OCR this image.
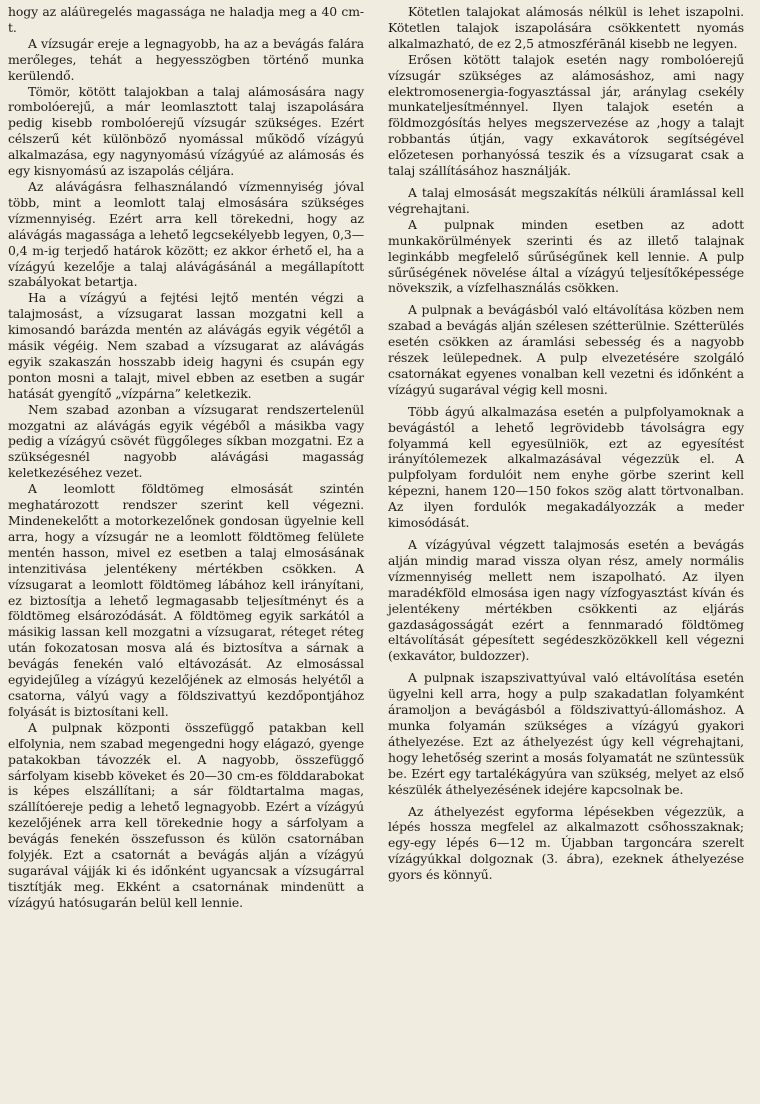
hogy az aláüregelés magassága ne haladja meg a 40 cm-t.

A vízsugár ereje a legnagyobb, ha az a bevágás falára merőleges, tehát a hegyesszögben történő munka kerülendő.

Tömör, kötött talajokban a talaj alámosására nagy rombolóerejű, a már leomlasztott talaj iszapolására pedig kisebb rombolóerejű vízsugár szükséges. Ezért célszerű két különböző nyomással működő vízágyú alkalmazása, egy nagynyomású vízágyúé az alámosás és egy kisnyomású az iszapolás céljára.

Az alávágásra felhasználandó vízmennyiség jóval több, mint a leomlott talaj elmosására szükséges vízmennyiség. Ezért arra kell törekedni, hogy az alávágás magassága a lehető legcsekélyebb legyen, 0,3—0,4 m-ig terjedő határok között; ez akkor érhető el, ha a vízágyú kezelője a talaj alávágásánál a megállapított szabályokat betartja.

Ha a vízágyú a fejtési lejtő mentén végzi a talajmosást, a vízsugarat lassan mozgatni kell a kimosandó barázda mentén az alávágás egyik végétől a másik végéig. Nem szabad a vízsugarat az alávágás egyik szakaszán hosszabb ideig hagyni és csupán egy ponton mosni a talajt, mivel ebben az esetben a sugár hatását gyengítő „vízpárna” keletkezik.

Nem szabad azonban a vízsugarat rendszertelenül mozgatni az alávágás egyik végéből a másikba vagy pedig a vízágyú csövét függőleges síkban mozgatni. Ez a szükségesnél nagyobb alávágási magasság keletkezéséhez vezet.

A leomlott földtömeg elmosását szintén meghatározott rendszer szerint kell végezni. Mindenekelőtt a motorkezelőnek gondosan ügyelnie kell arra, hogy a vízsugár ne a leomlott földtömeg felülete mentén hasson, mivel ez esetben a talaj elmosásának intenzitivása jelentékeny mértékben csökken. A vízsugarat a leomlott földtömeg lábához kell irányítani, ez biztosítja a lehető legmagasabb teljesítményt és a földtömeg elsározódását. A földtömeg egyik sarkától a másikig lassan kell mozgatni a vízsugarat, réteget réteg után fokozatosan mosva alá és biztosítva a sárnak a bevágás fenekén való eltávozását. Az elmosással egyidejűleg a vízágyú kezelőjének az elmosás helyétől a csatorna, vályú vagy a földszivattyú kezdőpontjához folyását is biztosítani kell.

A pulpnak központi összefüggő patakban kell elfolynia, nem szabad megengedni hogy elágazó, gyenge patakokban távozzék el. A nagyobb, összefüggő sárfolyam kisebb köveket és 20—30 cm-es földdarabokat is képes elszállítani; a sár földtartalma magas, szállítóereje pedig a lehető legnagyobb. Ezért a vízágyú kezelőjének arra kell törekednie hogy a sárfolyam a bevágás fenekén összefusson és külön csatornában folyjék. Ezt a csatornát a bevágás alján a vízágyú sugarával vájják ki és időnként ugyancsak a vízsugárral tisztítják meg. Ekként a csatornának mindenütt a vízágyú hatósugarán belül kell lennie.

Kötetlen talajokat alámosás nélkül is lehet iszapolni. Kötetlen talajok iszapolására csökkentett nyomás alkalmazható, de ez 2,5 atmoszférānál kisebb ne legyen.

Erősen kötött talajok esetén nagy rombolóerejű vízsugár szükséges az alámosáshoz, ami nagy elektromosenergia-fogyasztással jár, aránylag csekély munkateljesítménnyel. Ilyen talajok esetén a földmozgósítás helyes megszervezése az ‚hogy a talajt robbantás útján, vagy exkavátorok segítségével előzetesen porhanyóssá teszik és a vízsugarat csak a talaj szállításához használják.

A talaj elmosását megszakítás nélküli áramlással kell végrehajtani.

A pulpnak minden esetben az adott munkakörülmények szerinti és az illető talajnak leginkább megfelelő sűrűségűnek kell lennie. A pulp sűrűségének növelése által a vízágyú teljesítőképessége növekszik, a vízfelhasználás csökken.

A pulpnak a bevágásból való eltávolítása közben nem szabad a bevágás alján szélesen szétterülnie. Szétterülés esetén csökken az áramlási sebesség és a nagyobb részek leülepednek. A pulp elvezetésére szolgáló csatornákat egyenes vonalban kell vezetni és időnként a vízágyú sugarával végig kell mosni.

Több ágyú alkalmazása esetén a pulpfolyamoknak a bevágástól a lehető legrövidebb távolságra egy folyammá kell egyesülniök, ezt az egyesítést irányítólemezek alkalmazásával végezzük el. A pulpfolyam fordulóit nem enyhe görbe szerint kell képezni, hanem 120—150 fokos szög alatt törtvonalban. Az ilyen fordulók megakadályozzák a meder kimosódását.

A vízágyúval végzett talajmosás esetén a bevágás alján mindig marad vissza olyan rész, amely normális vízmennyiség mellett nem iszapolható. Az ilyen maradékföld elmosása igen nagy vízfogyasztást kíván és jelentékeny mértékben csökkenti az eljárás gazdaságosságát ezért a fennmaradó földtömeg eltávolítását gépesített segédeszközökkell kell végezni (exkavátor, buldozzer).

A pulpnak iszapszivattyúval való eltávolítása esetén ügyelni kell arra, hogy a pulp szakadatlan folyamként áramoljon a bevágásból a földszivattyú-állomáshoz. A munka folyamán szükséges a vízágyú gyakori áthelyezése. Ezt az áthelyezést úgy kell végrehajtani, hogy lehetőség szerint a mosás folyamatát ne szüntessük be. Ezért egy tartalékágyúra van szükség, melyet az első készülék áthelyezésének idejére kapcsolnak be.

Az áthelyezést egyforma lépésekben végezzük, a lépés hossza megfelel az alkalmazott csőhosszaknak; egy-egy lépés 6—12 m. Újabban targoncára szerelt vízágyúkkal dolgoznak (3. ábra), ezeknek áthelyezése gyors és könnyű.
